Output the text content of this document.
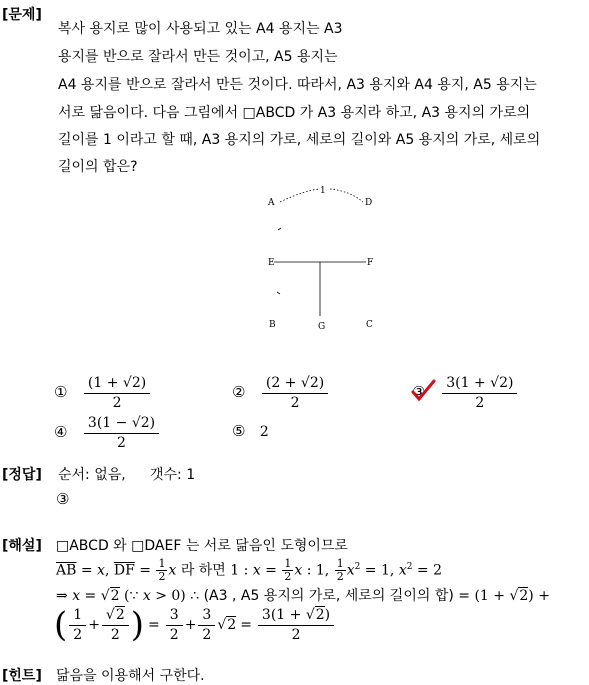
[문제]
복사 용지로 많이 사용되고 있는 A4 용지는 A3
용지를 반으로 잘라서 만든 것이고, A5 용지는
A4 용지를 반으로 잘라서 만든 것이다. 따라서, A3 용지와 A4 용지, A5 용지는
서로 닮음이다. 다음 그림에서 □ABCD 가 A3 용지라 하고, A3 용지의 가로의
길이를 1 이라고 할 때, A3 용지의 가로, 세로의 길이와 A5 용지의 가로, 세로의
길이의 합은?
A	D
1
E	F
B	G	C
① $\frac{(1 + √2)}{2}$	② $\frac{(2 + √2)}{2}$	③ $\frac{3(1 + √2)}{2}$
④ $\frac{3(1 - √2)}{2}$	⑤ 2
[정답] 순서: 없음, 갯수: 1
③
[해설] □ABCD 와 □DAEF 는 서로 닮음인 도형이므로
$\overline{AB} = x$, $\overline{DF} = \frac{1}{2}$ x 라 하면 1 : $x = \frac{1}{2}$ x : 1, $\frac{1}{2} x^2 = 1$, $x^2 = 2$
⇒ x = √2 (∵ x > 0) ∴ (A3 , A5 용지의 가로, 세로의 길이의 합) = (1 + √2) +
( $\frac{1}{2} + \frac{√2}{2}$ ) = $\frac{3}{2} + \frac{3}{2} √2 = \frac{3(1 + √2)}{2}$
[힌트] 닮음을 이용해서 구한다.
